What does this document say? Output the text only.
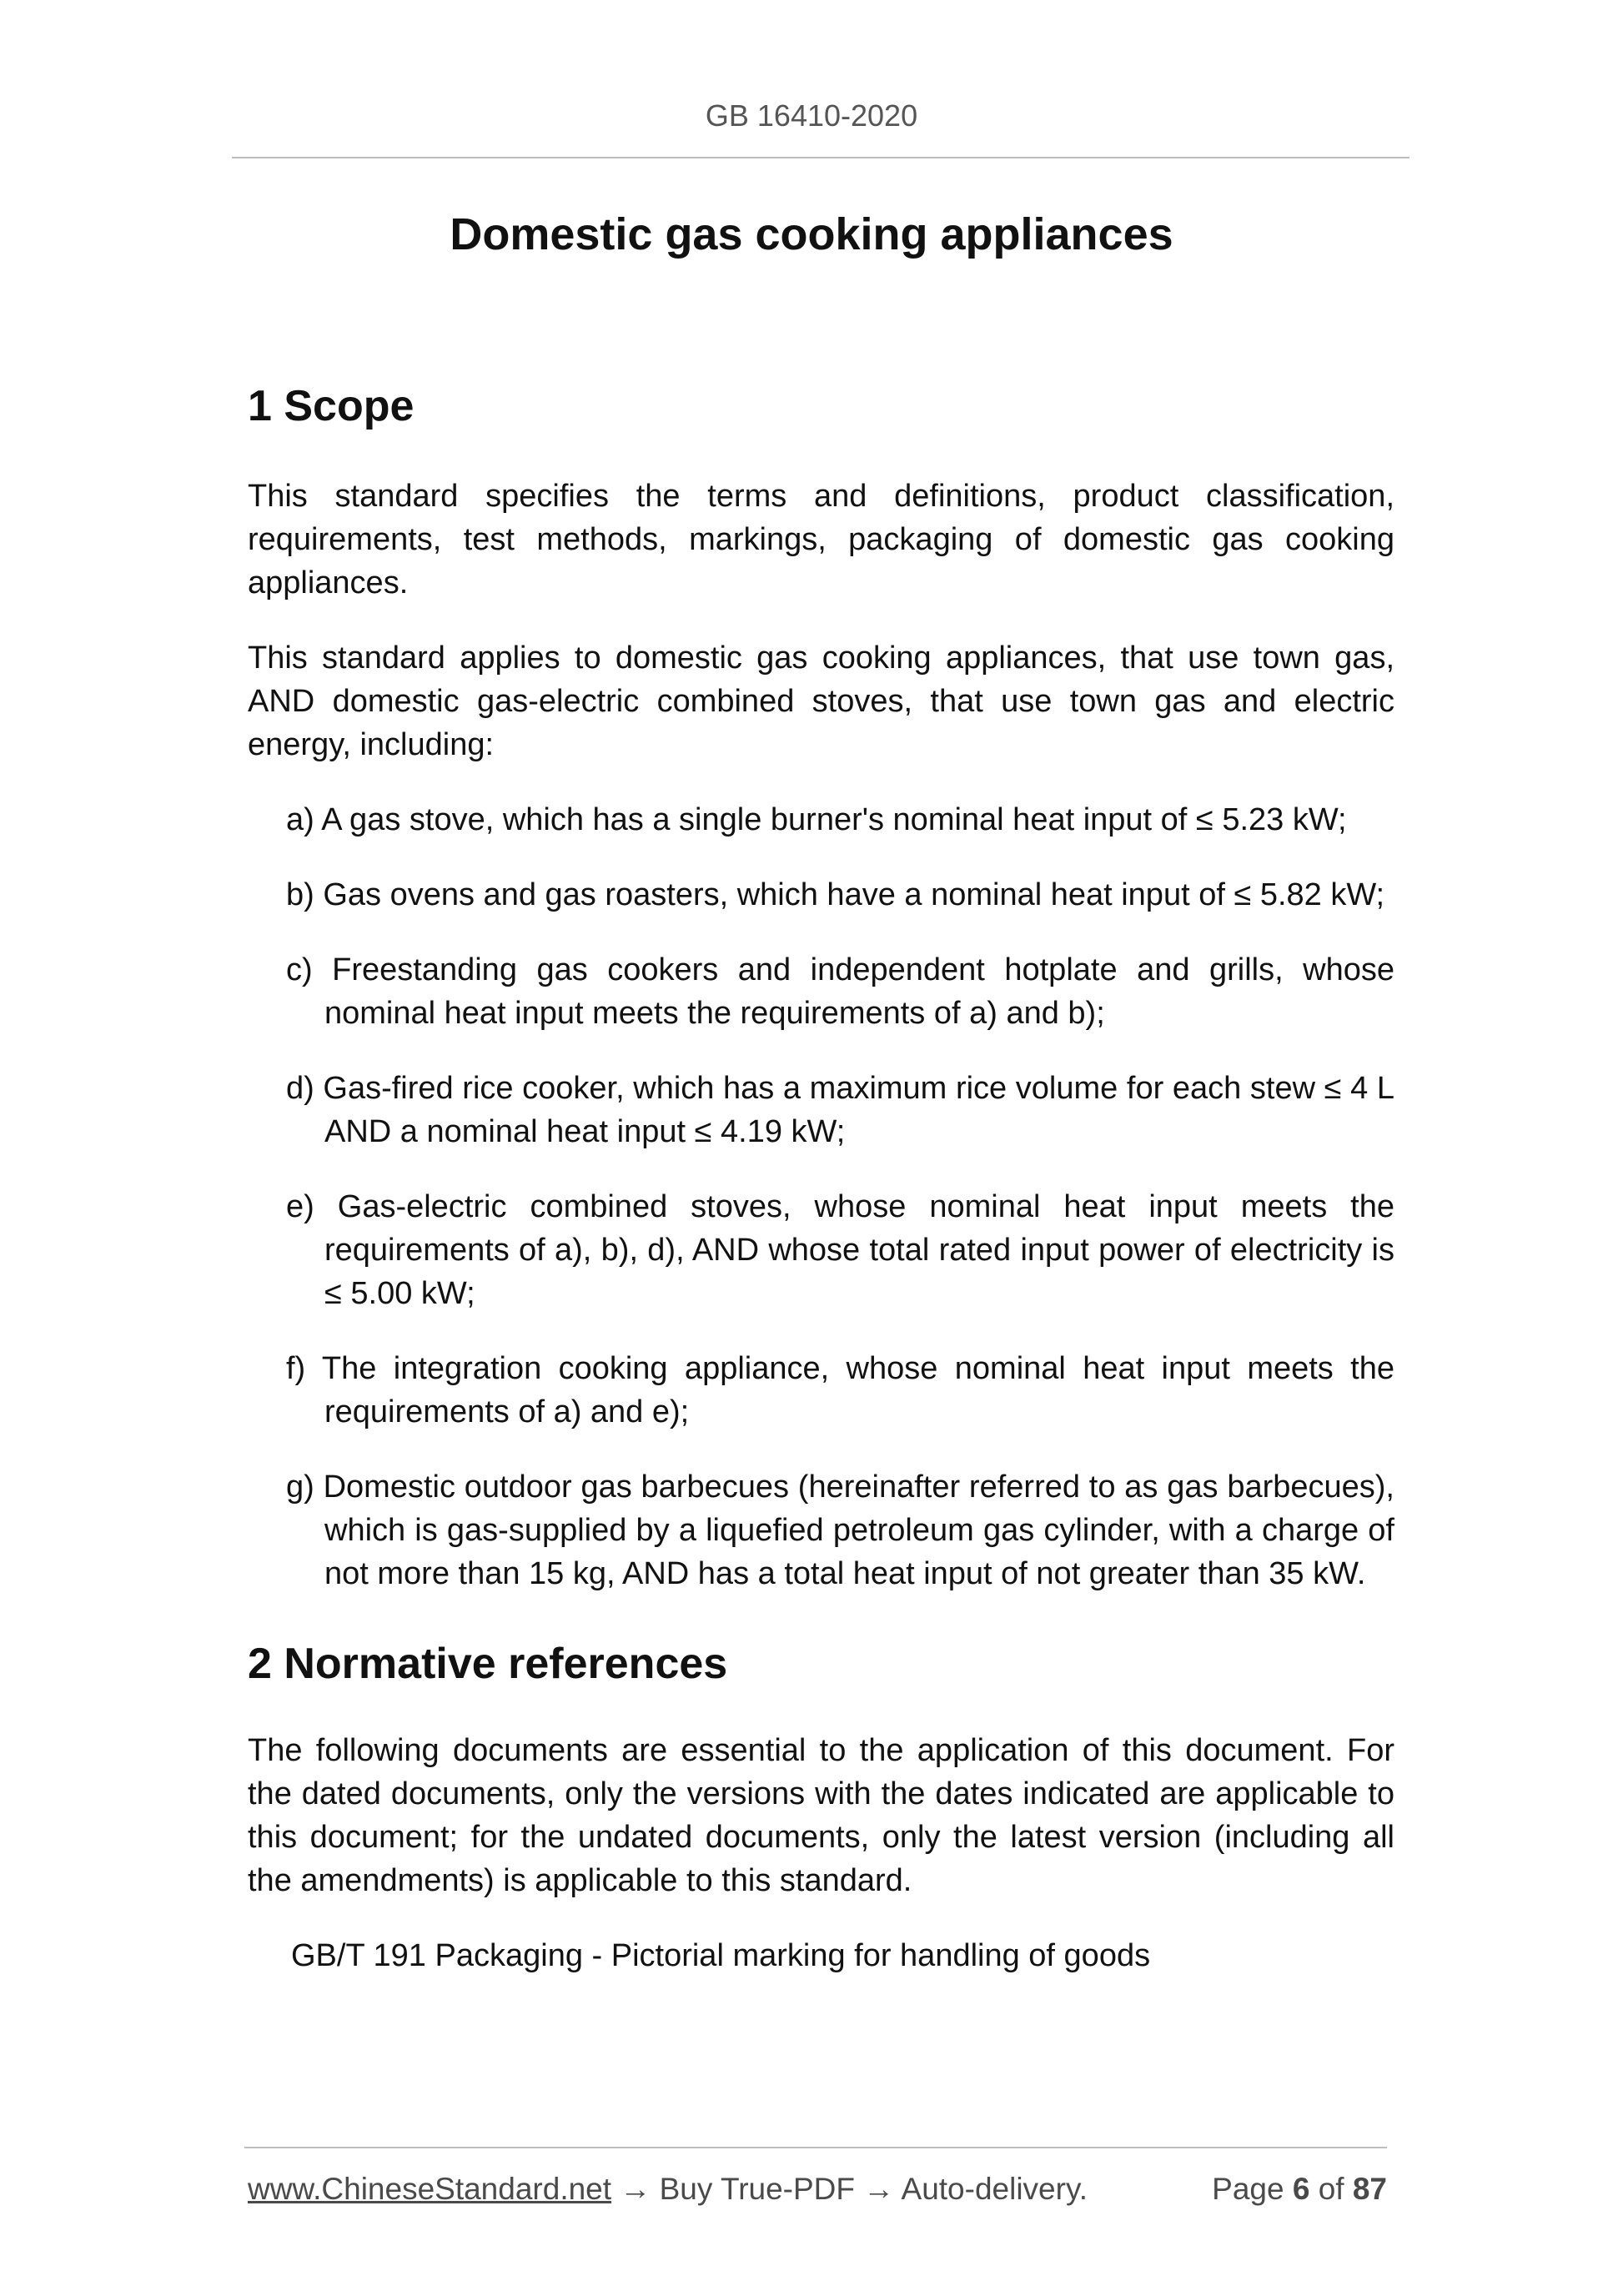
GB 16410-2020
Domestic gas cooking appliances
1 Scope

This standard specifies the terms and definitions, product classification, requirements, test methods, markings, packaging of domestic gas cooking appliances.

This standard applies to domestic gas cooking appliances, that use town gas, AND domestic gas-electric combined stoves, that use town gas and electric energy, including:

a) A gas stove, which has a single burner's nominal heat input of ≤ 5.23 kW;
b) Gas ovens and gas roasters, which have a nominal heat input of ≤ 5.82 kW;
c) Freestanding gas cookers and independent hotplate and grills, whose nominal heat input meets the requirements of a) and b);
d) Gas-fired rice cooker, which has a maximum rice volume for each stew ≤ 4 L AND a nominal heat input ≤ 4.19 kW;
e) Gas-electric combined stoves, whose nominal heat input meets the requirements of a), b), d), AND whose total rated input power of electricity is ≤ 5.00 kW;
f) The integration cooking appliance, whose nominal heat input meets the requirements of a) and e);
g) Domestic outdoor gas barbecues (hereinafter referred to as gas barbecues), which is gas-supplied by a liquefied petroleum gas cylinder, with a charge of not more than 15 kg, AND has a total heat input of not greater than 35 kW.
2 Normative references

The following documents are essential to the application of this document. For the dated documents, only the versions with the dates indicated are applicable to this document; for the undated documents, only the latest version (including all the amendments) is applicable to this standard.

GB/T 191 Packaging - Pictorial marking for handling of goods
www.ChineseStandard.net → Buy True-PDF → Auto-delivery.	Page 6 of 87
